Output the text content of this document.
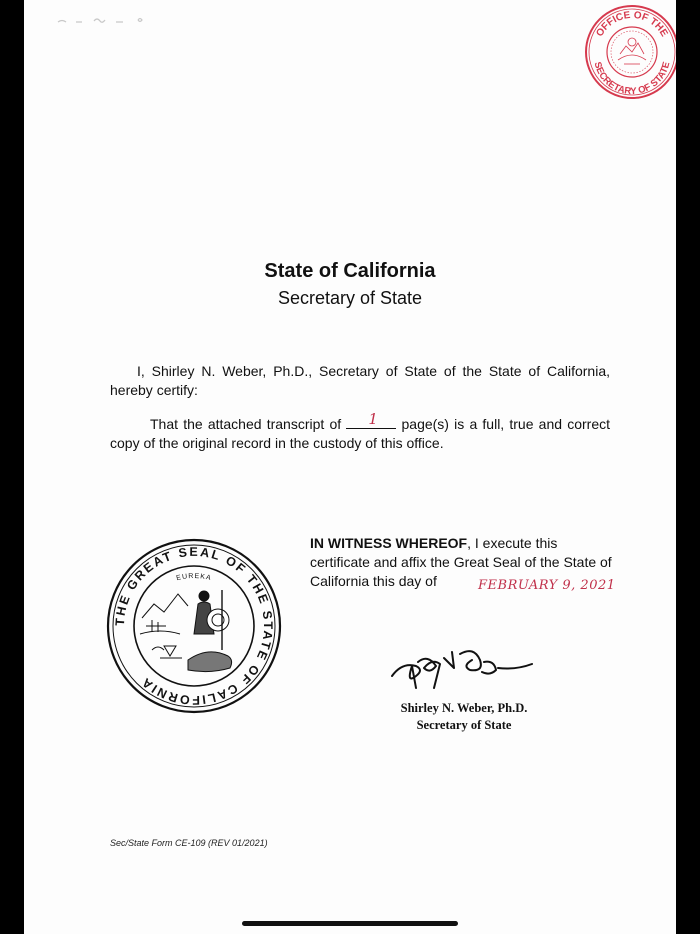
OFFICE OF THE
SECRETARY OF STATE
State of California
Secretary of State
I, Shirley N. Weber, Ph.D., Secretary of State of the State of California, hereby certify:
That the attached transcript of 1 page(s) is a full, true and correct copy of the original record in the custody of this office.
THE GREAT SEAL OF THE STATE OF CALIFORNIA
EUREKA
IN WITNESS WHEREOF, I execute this certificate and affix the Great Seal of the State of California this day of	FEBRUARY 9, 2021
Shirley N. Weber, Ph.D.
Secretary of State
Sec/State Form CE-109 (REV 01/2021)
